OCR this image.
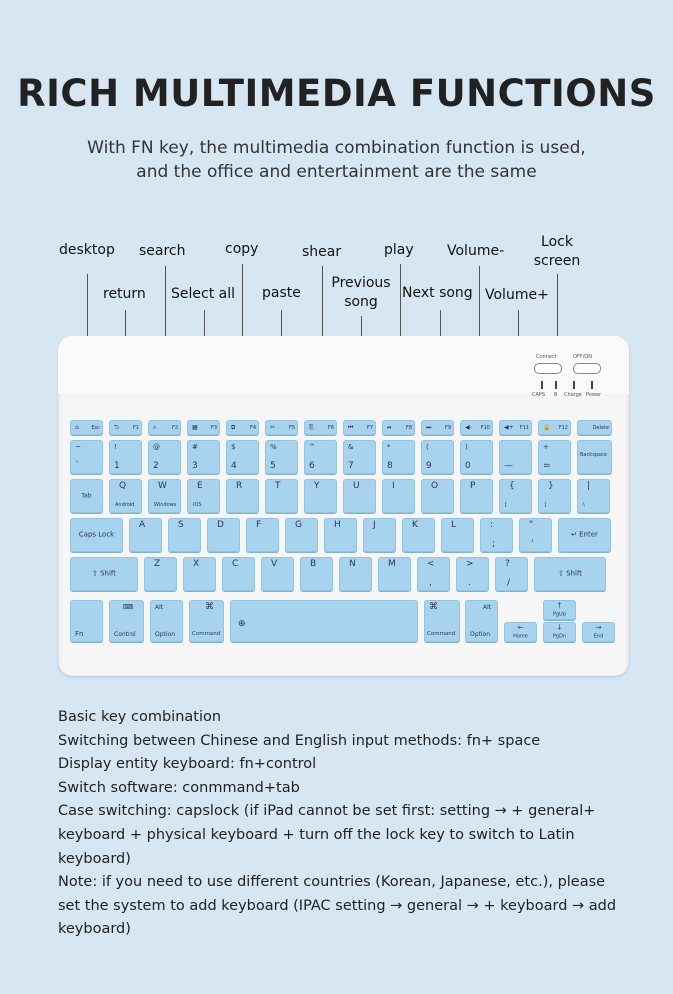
RICH MULTIMEDIA FUNCTIONS
With FN key, the multimedia combination function is used,
and the office and entertainment are the same
desktop search	copy	shear	play Volume-
Lock
screen
return Select all paste
Previous
song
Next song Volume+
Connect	OFF/ON
CAPS B Charge Power
Fn
⌨
Control
Alt
Option
⌘
Command
⊕
⌘
Command
Alt
Option
←
Home
↑
PgUp
↓
PgDn
→
End
⌂	Esc ⮌	F1 ⌕	F2 ▦	F3 ⧉	F4 ✂	F5 ⎘	F6 ⏮	F7 ⏯	F8 ⏭	F9 ◀- F10 ◀+ F11 🔒 F12	Delete
~
`
!
1
@
2
#
3
$
4
%
5
^
6
&
7
*
8
(
9
)
0	—
+
=
Backspace
Tab
Q
Android
W
Windows
E
iOS
R	T	Y	U	I	O	P	{
[
}
]
|
\
Caps Lock
A	S	D	F	G	H	J	K	L	:
;
"
'
↵ Enter
⇧ Shift
Z	X	C	V	B	N	M	<
,
>
.
?
/
⇧ Shift
Basic key combination
Switching between Chinese and English input methods: fn+ space
Display entity keyboard: fn+control
Switch software: conmmand+tab
Case switching: capslock (if iPad cannot be set first: setting → + general+
keyboard + physical keyboard + turn off the lock key to switch to Latin
keyboard)
Note: if you need to use different countries (Korean, Japanese, etc.), please
set the system to add keyboard (IPAC setting → general → + keyboard → add
keyboard)
